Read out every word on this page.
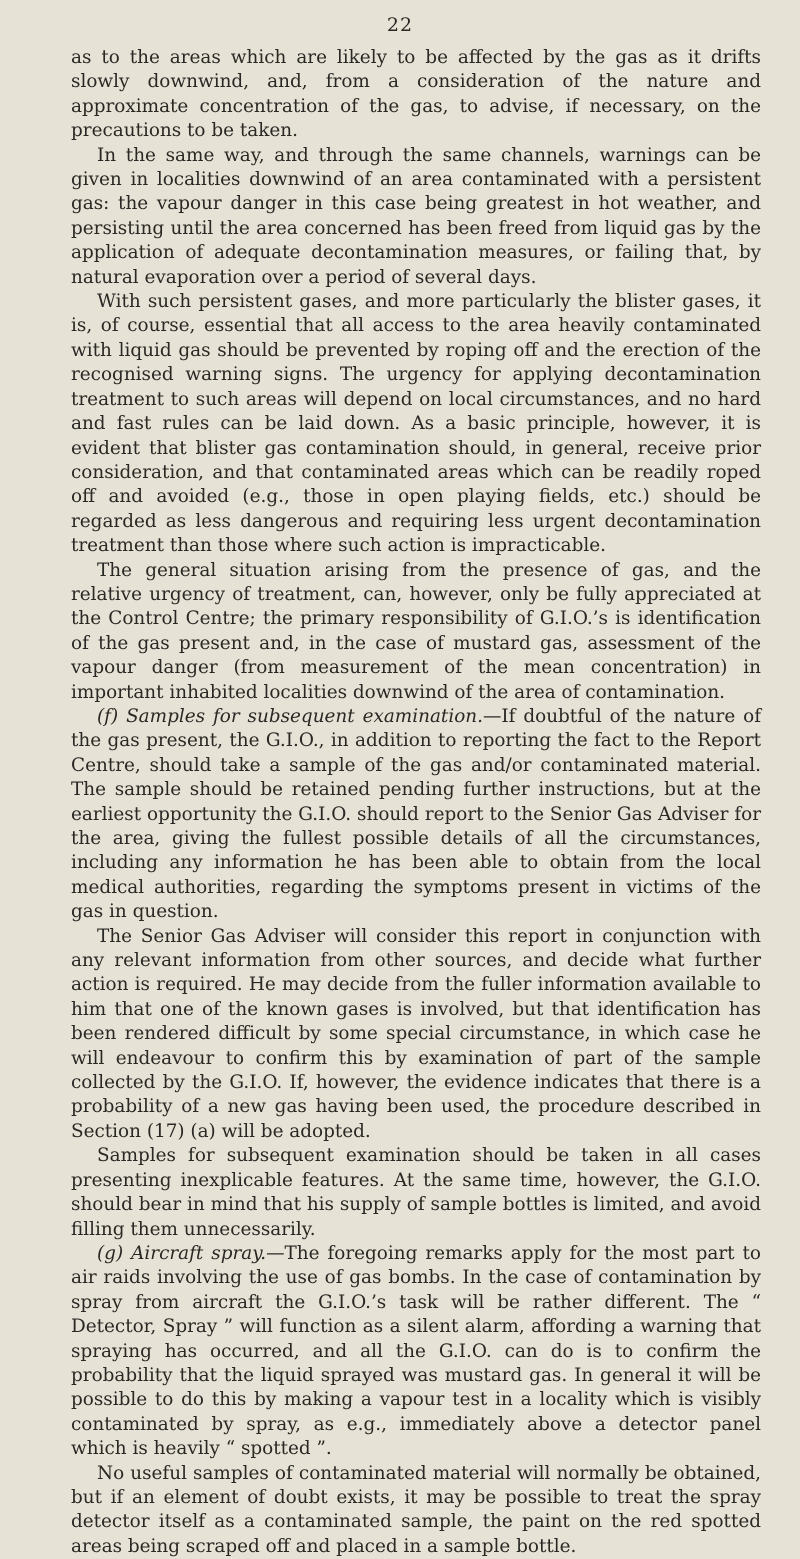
22

as to the areas which are likely to be affected by the gas as it drifts slowly downwind, and, from a consideration of the nature and approximate concentration of the gas, to advise, if necessary, on the precautions to be taken.

In the same way, and through the same channels, warnings can be given in localities downwind of an area contaminated with a persistent gas: the vapour danger in this case being greatest in hot weather, and persisting until the area concerned has been freed from liquid gas by the application of adequate decontamination measures, or failing that, by natural evaporation over a period of several days.

With such persistent gases, and more particularly the blister gases, it is, of course, essential that all access to the area heavily contaminated with liquid gas should be prevented by roping off and the erection of the recognised warning signs. The urgency for applying decontamination treatment to such areas will depend on local circumstances, and no hard and fast rules can be laid down. As a basic principle, however, it is evident that blister gas contamination should, in general, receive prior consideration, and that contaminated areas which can be readily roped off and avoided (e.g., those in open playing fields, etc.) should be regarded as less dangerous and requiring less urgent decontamination treatment than those where such action is impracticable.

The general situation arising from the presence of gas, and the relative urgency of treatment, can, however, only be fully appreciated at the Control Centre; the primary responsibility of G.I.O.’s is identification of the gas present and, in the case of mustard gas, assessment of the vapour danger (from measurement of the mean concentration) in important inhabited localities downwind of the area of contamination.

(f) Samples for subsequent examination.—If doubtful of the nature of the gas present, the G.I.O., in addition to reporting the fact to the Report Centre, should take a sample of the gas and/or contaminated material. The sample should be retained pending further instructions, but at the earliest opportunity the G.I.O. should report to the Senior Gas Adviser for the area, giving the fullest possible details of all the circumstances, including any information he has been able to obtain from the local medical authorities, regarding the symptoms present in victims of the gas in question.

The Senior Gas Adviser will consider this report in conjunction with any relevant information from other sources, and decide what further action is required. He may decide from the fuller information available to him that one of the known gases is involved, but that identification has been rendered difficult by some special circumstance, in which case he will endeavour to confirm this by examination of part of the sample collected by the G.I.O. If, however, the evidence indicates that there is a probability of a new gas having been used, the procedure described in Section (17) (a) will be adopted.

Samples for subsequent examination should be taken in all cases presenting inexplicable features. At the same time, however, the G.I.O. should bear in mind that his supply of sample bottles is limited, and avoid filling them unnecessarily.

(g) Aircraft spray.—The foregoing remarks apply for the most part to air raids involving the use of gas bombs. In the case of contamination by spray from aircraft the G.I.O.’s task will be rather different. The “ Detector, Spray ” will function as a silent alarm, affording a warning that spraying has occurred, and all the G.I.O. can do is to confirm the probability that the liquid sprayed was mustard gas. In general it will be possible to do this by making a vapour test in a locality which is visibly contaminated by spray, as e.g., immediately above a detector panel which is heavily “ spotted ”.

No useful samples of contaminated material will normally be obtained, but if an element of doubt exists, it may be possible to treat the spray detector itself as a contaminated sample, the paint on the red spotted areas being scraped off and placed in a sample bottle.
